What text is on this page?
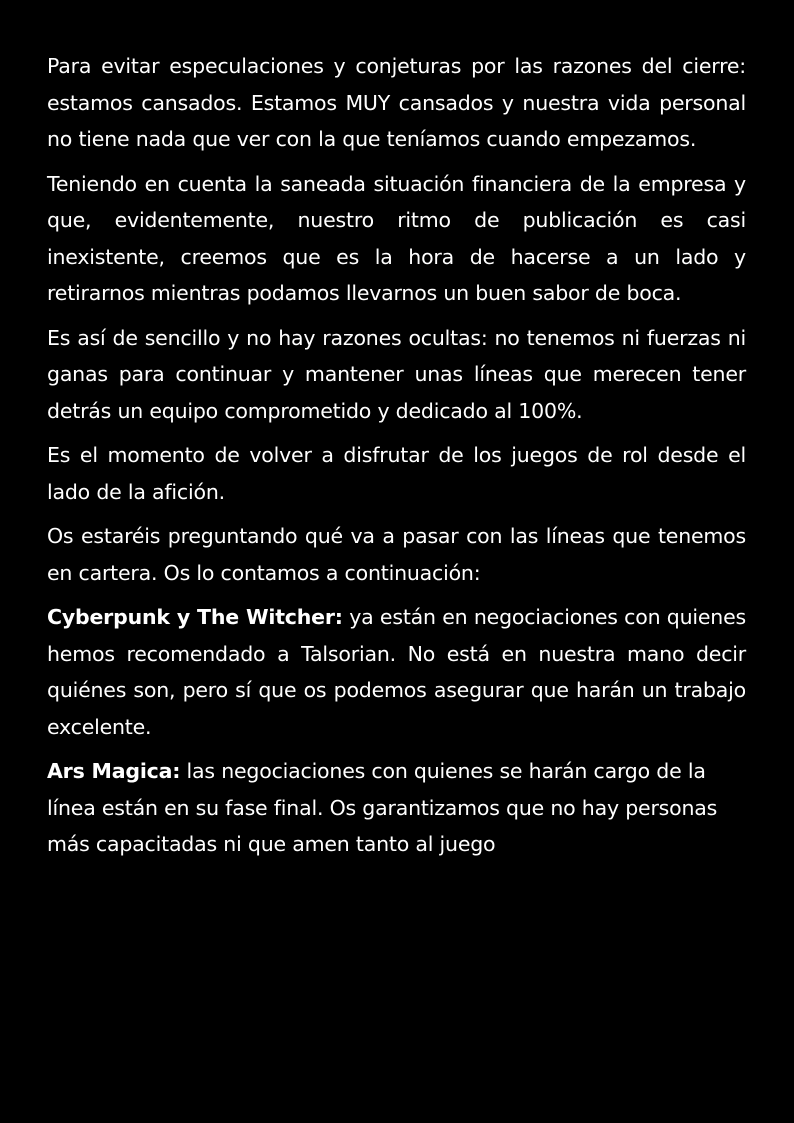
Para evitar especulaciones y conjeturas por las razones del cierre: estamos cansados. Estamos MUY cansados y nuestra vida personal no tiene nada que ver con la que teníamos cuando empezamos.

Teniendo en cuenta la saneada situación financiera de la empresa y que, evidentemente, nuestro ritmo de publicación es casi inexistente, creemos que es la hora de hacerse a un lado y retirarnos mientras podamos llevarnos un buen sabor de boca.

Es así de sencillo y no hay razones ocultas: no tenemos ni fuerzas ni ganas para continuar y mantener unas líneas que merecen tener detrás un equipo comprometido y dedicado al 100%.

Es el momento de volver a disfrutar de los juegos de rol desde el lado de la afición.

Os estaréis preguntando qué va a pasar con las líneas que tenemos en cartera. Os lo contamos a continuación:

Cyberpunk y The Witcher: ya están en negociaciones con quienes hemos recomendado a Talsorian. No está en nuestra mano decir quiénes son, pero sí que os podemos asegurar que harán un trabajo excelente.

Ars Magica: las negociaciones con quienes se harán cargo de la línea están en su fase final. Os garantizamos que no hay personas más capacitadas ni que amen tanto al juego
